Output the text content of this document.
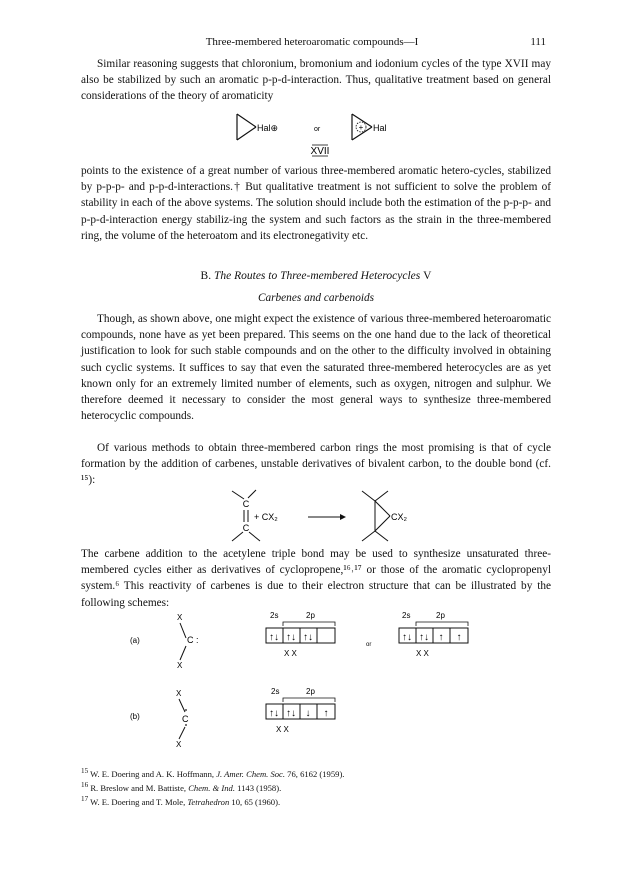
Three-membered heteroaromatic compounds—I	111

Similar reasoning suggests that chloronium, bromonium and iodonium cycles of the type XVII may also be stabilized by such an aromatic p-p-d-interaction. Thus, qualitative treatment based on general considerations of the theory of aromaticity

Hal⊕	or	+ Hal
XVII

points to the existence of a great number of various three-membered aromatic hetero-cycles, stabilized by p-p-p- and p-p-d-interactions.† But qualitative treatment is not sufficient to solve the problem of stability in each of the above systems. The solution should include both the estimation of the p-p-p- and p-p-d-interaction energy stabiliz-ing the system and such factors as the strain in the three-membered ring, the volume of the heteroatom and its electronegativity etc.

B. The Routes to Three-membered Heterocycles V
Carbenes and carbenoids

Though, as shown above, one might expect the existence of various three-membered heteroaromatic compounds, none have as yet been prepared. This seems on the one hand due to the lack of theoretical justification to look for such stable compounds and on the other to the difficulty involved in obtaining such cyclic systems. It suffices to say that even the saturated three-membered heterocycles are as yet known only for an extremely limited number of elements, such as oxygen, nitrogen and sulphur. We therefore deemed it necessary to consider the most general ways to synthesize three-membered heterocyclic compounds.

Of various methods to obtain three-membered carbon rings the most promising is that of cycle formation by the addition of carbenes, unstable derivatives of bivalent carbon, to the double bond (cf. ¹⁵):

C
C
+ CX₂	CX₂

The carbene addition to the acetylene triple bond may be used to synthesize unsaturated three-membered cycles either as derivatives of cyclopropene,¹⁶˒¹⁷ or those of the aromatic cyclopropenyl system.⁶ This reactivity of carbenes is due to their electron structure that can be illustrated by the following schemes:

(a)
X
C :
X
2s	2p
↑↓ ↑↓ ↑↓
X X
or
2s	2p
↑↓ ↑↓ ↑ ↑
X X
(b)
X
C
X
2s	2p
↑↓ ↑↓ ↓ ↑
X X
$^{15}$ W. E. Doering and A. K. Hoffmann, J. Amer. Chem. Soc. 76, 6162 (1959).
$^{16}$ R. Breslow and M. Battiste, Chem. & Ind. 1143 (1958).
$^{17}$ W. E. Doering and T. Mole, Tetrahedron 10, 65 (1960).
